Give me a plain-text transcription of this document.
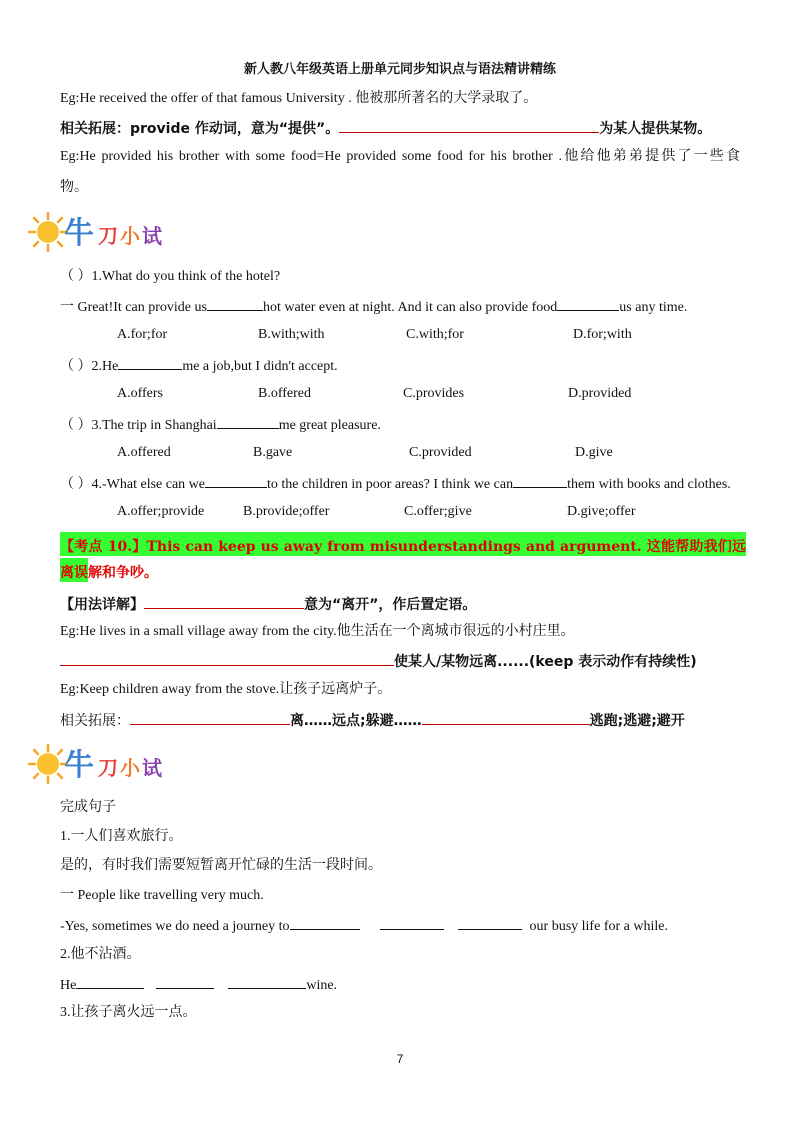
新人教八年级英语上册单元同步知识点与语法精讲精练
Eg:He received the offer of that famous University . 他被那所著名的大学录取了。
相关拓展：provide 作动词，意为“提供”。	为某人提供某物。
Eg:He provided his brother with some food=He provided some food for his brother .他给他弟弟提供了一些食
物。
牛 刀 小 试
（ ）1.What do you think of the hotel?
一 Great!It can provide us	hot water even at night. And it can also provide food	us any time.
A.for;for	B.with;with	C.with;for	D.for;with
（ ）2.He	me a job,but I didn't accept.
A.offers	B.offered	C.provides	D.provided
（ ）3.The trip in Shanghai	me great pleasure.
A.offered	B.gave	C.provided	D.give
（ ）4.-What else can we	to the children in poor areas? I think we can	them with books and clothes.
A.offer;provide	B.provide;offer	C.offer;give	D.give;offer
【考点 10.】This can keep us away from misunderstandings and argument. 这能帮助我们远离误解和争吵。
【用法详解】	意为“离开”，作后置定语。
Eg:He lives in a small village away from the city.他生活在一个离城市很远的小村庄里。
使某人/某物远离......(keep 表示动作有持续性)
Eg:Keep children away from the stove.让孩子远离炉子。
相关拓展：	离……远点;躲避……	逃跑;逃避;避开
牛 刀 小 试
完成句子
1.一人们喜欢旅行。
是的，有时我们需要短暂离开忙碌的生活一段时间。
一 People like travelling very much.
-Yes, sometimes we do need a journey to	our busy life for a while.
2.他不沾酒。
He	wine.
3.让孩子离火远一点。
7
